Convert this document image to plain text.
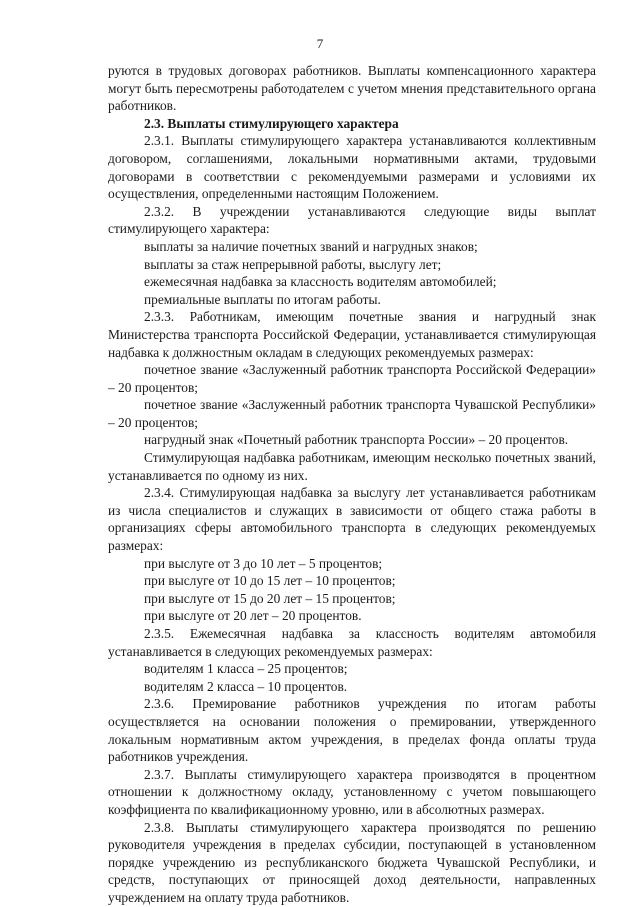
7

руются в трудовых договорах работников. Выплаты компенсационного характера могут быть пересмотрены работодателем с учетом мнения представительного органа работников.

2.3. Выплаты стимулирующего характера

2.3.1. Выплаты стимулирующего характера устанавливаются коллективным договором, соглашениями, локальными нормативными актами, трудовыми договорами в соответствии с рекомендуемыми размерами и условиями их осуществления, определенными настоящим Положением.

2.3.2. В учреждении устанавливаются следующие виды выплат стимулирующего характера:

выплаты за наличие почетных званий и нагрудных знаков;

выплаты за стаж непрерывной работы, выслугу лет;

ежемесячная надбавка за классность водителям автомобилей;

премиальные выплаты по итогам работы.

2.3.3. Работникам, имеющим почетные звания и нагрудный знак Министерства транспорта Российской Федерации, устанавливается стимулирующая надбавка к должностным окладам в следующих рекомендуемых размерах:

почетное звание «Заслуженный работник транспорта Российской Федерации» – 20 процентов;

почетное звание «Заслуженный работник транспорта Чувашской Республики» – 20 процентов;

нагрудный знак «Почетный работник транспорта России» – 20 процентов.

Стимулирующая надбавка работникам, имеющим несколько почетных званий, устанавливается по одному из них.

2.3.4. Стимулирующая надбавка за выслугу лет устанавливается работникам из числа специалистов и служащих в зависимости от общего стажа работы в организациях сферы автомобильного транспорта в следующих рекомендуемых размерах:

при выслуге от 3 до 10 лет – 5 процентов;

при выслуге от 10 до 15 лет – 10 процентов;

при выслуге от 15 до 20 лет – 15 процентов;

при выслуге от 20 лет – 20 процентов.

2.3.5. Ежемесячная надбавка за классность водителям автомобиля устанавливается в следующих рекомендуемых размерах:

водителям 1 класса – 25 процентов;

водителям 2 класса – 10 процентов.

2.3.6. Премирование работников учреждения по итогам работы осуществляется на основании положения о премировании, утвержденного локальным нормативным актом учреждения, в пределах фонда оплаты труда работников учреждения.

2.3.7. Выплаты стимулирующего характера производятся в процентном отношении к должностному окладу, установленному с учетом повышающего коэффициента по квалификационному уровню, или в абсолютных размерах.

2.3.8. Выплаты стимулирующего характера производятся по решению руководителя учреждения в пределах субсидии, поступающей в установленном порядке учреждению из республиканского бюджета Чувашской Республики, и средств, поступающих от приносящей доход деятельности, направленных учреждением на оплату труда работников.
